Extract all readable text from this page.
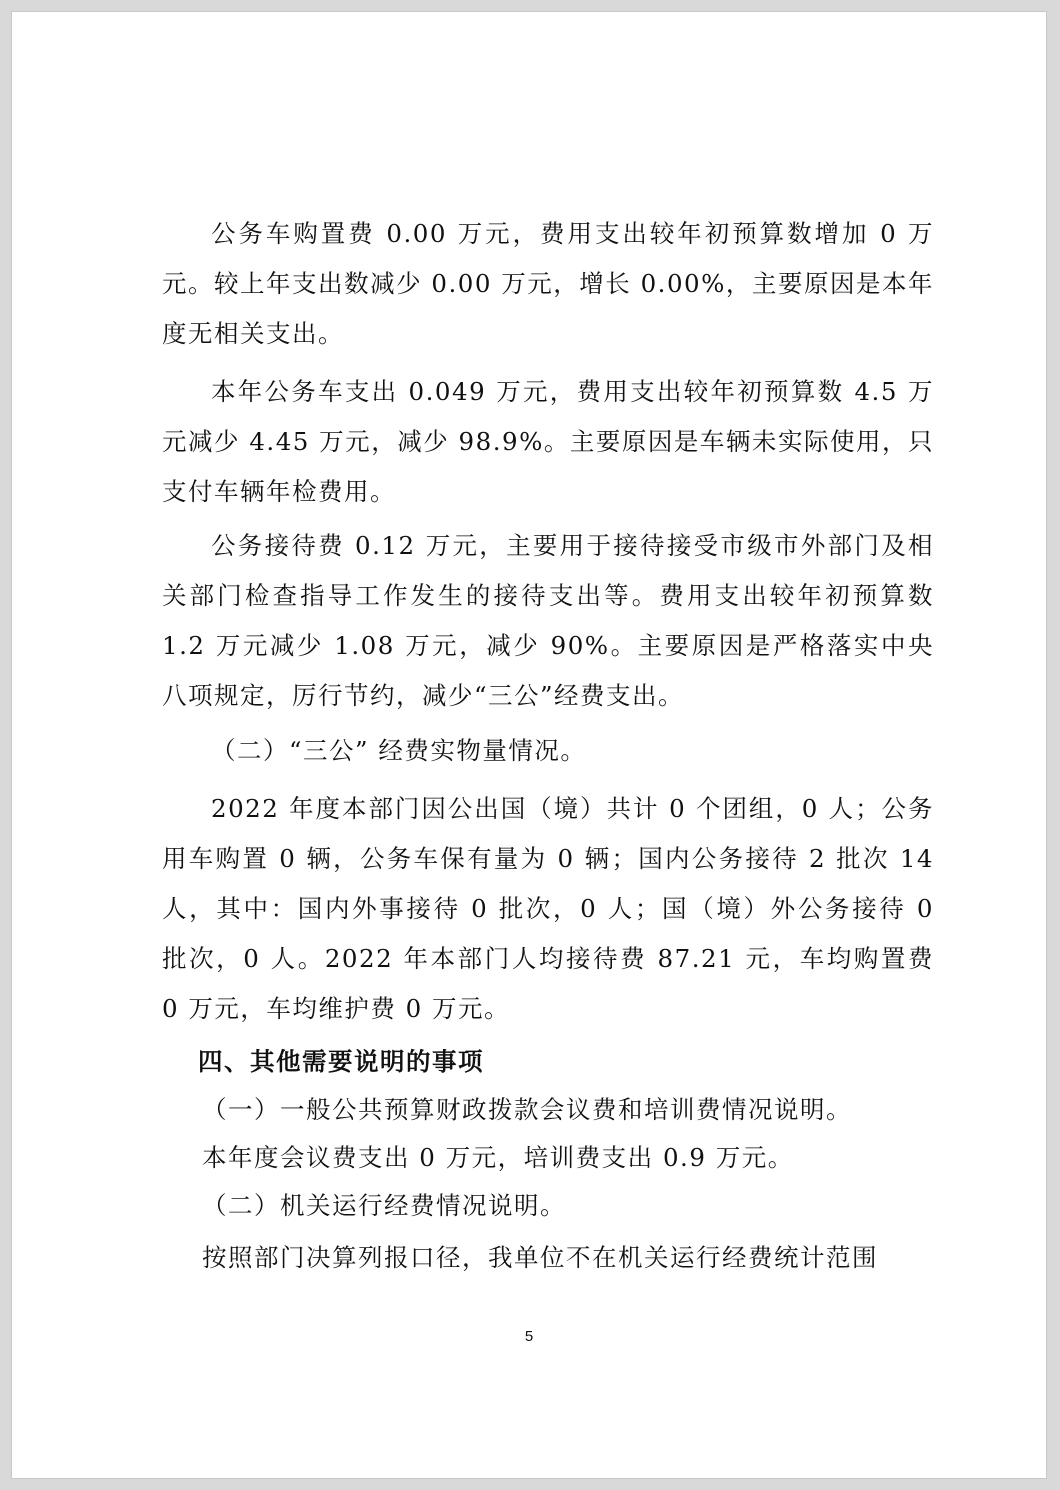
公务车购置费 0.00 万元，费用支出较年初预算数增加 0 万元。较上年支出数减少 0.00 万元，增长 0.00%，主要原因是本年度无相关支出。

本年公务车支出 0.049 万元，费用支出较年初预算数 4.5 万元减少 4.45 万元，减少 98.9%。主要原因是车辆未实际使用，只支付车辆年检费用。

公务接待费 0.12 万元，主要用于接待接受市级市外部门及相关部门检查指导工作发生的接待支出等。费用支出较年初预算数 1.2 万元减少 1.08 万元，减少 90%。主要原因是严格落实中央八项规定，厉行节约，减少“三公”经费支出。

（二）“三公” 经费实物量情况。

2022 年度本部门因公出国（境）共计 0 个团组，0 人；公务用车购置 0 辆，公务车保有量为 0 辆；国内公务接待 2 批次 14 人，其中：国内外事接待 0 批次，0 人；国（境）外公务接待 0 批次，0 人。2022 年本部门人均接待费 87.21 元，车均购置费 0 万元，车均维护费 0 万元。

四、其他需要说明的事项

（一）一般公共预算财政拨款会议费和培训费情况说明。

本年度会议费支出 0 万元，培训费支出 0.9 万元。

（二）机关运行经费情况说明。

按照部门决算列报口径，我单位不在机关运行经费统计范围

5
